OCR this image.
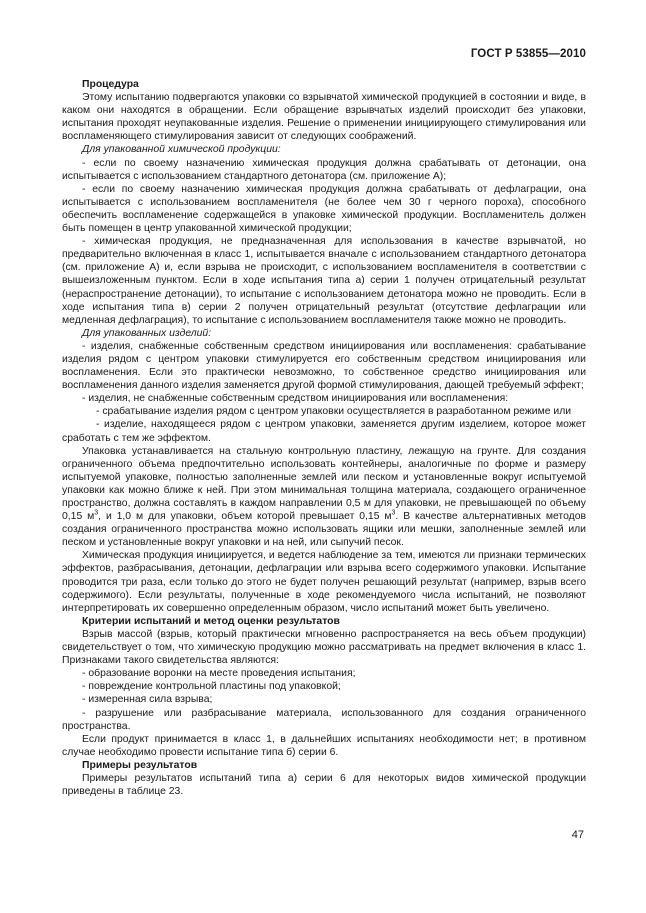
ГОСТ Р 53855—2010

Процедура

Этому испытанию подвергаются упаковки со взрывчатой химической продукцией в состоянии и виде, в каком они находятся в обращении. Если обращение взрывчатых изделий происходит без упаковки, испытания проходят неупакованные изделия. Решение о применении инициирующего стимулирования или воспламеняющего стимулирования зависит от следующих соображений.

Для упакованной химической продукции:

- если по своему назначению химическая продукция должна срабатывать от детонации, она испытывается с использованием стандартного детонатора (см. приложение А);

- если по своему назначению химическая продукция должна срабатывать от дефлаграции, она испытывается с использованием воспламенителя (не более чем 30 г черного пороха), способного обеспечить воспламенение содержащейся в упаковке химической продукции. Воспламенитель должен быть помещен в центр упакованной химической продукции;

- химическая продукция, не предназначенная для использования в качестве взрывчатой, но предварительно включенная в класс 1, испытывается вначале с использованием стандартного детонатора (см. приложение А) и, если взрыва не происходит, с использованием воспламенителя в соответствии с вышеизложенным пунктом. Если в ходе испытания типа а) серии 1 получен отрицательный результат (нераспространение детонации), то испытание с использованием детонатора можно не проводить. Если в ходе испытания типа в) серии 2 получен отрицательный результат (отсутствие дефлаграции или медленная дефлаграция), то испытание с использованием воспламенителя также можно не проводить.

Для упакованных изделий:

- изделия, снабженные собственным средством инициирования или воспламенения: срабатывание изделия рядом с центром упаковки стимулируется его собственным средством инициирования или воспламенения. Если это практически невозможно, то собственное средство инициирования или воспламенения данного изделия заменяется другой формой стимулирования, дающей требуемый эффект;

- изделия, не снабженные собственным средством инициирования или воспламенения:

- срабатывание изделия рядом с центром упаковки осуществляется в разработанном режиме или

- изделие, находящееся рядом с центром упаковки, заменяется другим изделием, которое может сработать с тем же эффектом.

Упаковка устанавливается на стальную контрольную пластину, лежащую на грунте. Для создания ограниченного объема предпочтительно использовать контейнеры, аналогичные по форме и размеру испытуемой упаковке, полностью заполненные землей или песком и установленные вокруг испытуемой упаковки как можно ближе к ней. При этом минимальная толщина материала, создающего ограниченное пространство, должна составлять в каждом направлении 0,5 м для упаковки, не превышающей по объему 0,15 $м^3$, и 1,0 м для упаковки, объем которой превышает 0,15 $м^3$. В качестве альтернативных методов создания ограниченного пространства можно использовать ящики или мешки, заполненные землей или песком и установленные вокруг упаковки и на ней, или сыпучий песок.

Химическая продукция инициируется, и ведется наблюдение за тем, имеются ли признаки термических эффектов, разбрасывания, детонации, дефлаграции или взрыва всего содержимого упаковки. Испытание проводится три раза, если только до этого не будет получен решающий результат (например, взрыв всего содержимого). Если результаты, полученные в ходе рекомендуемого числа испытаний, не позволяют интерпретировать их совершенно определенным образом, число испытаний может быть увеличено.

Критерии испытаний и метод оценки результатов

Взрыв массой (взрыв, который практически мгновенно распространяется на весь объем продукции) свидетельствует о том, что химическую продукцию можно рассматривать на предмет включения в класс 1. Признаками такого свидетельства являются:

- образование воронки на месте проведения испытания;

- повреждение контрольной пластины под упаковкой;

- измеренная сила взрыва;

- разрушение или разбрасывание материала, использованного для создания ограниченного пространства.

Если продукт принимается в класс 1, в дальнейших испытаниях необходимости нет; в противном случае необходимо провести испытание типа б) серии 6.

Примеры результатов

Примеры результатов испытаний типа а) серии 6 для некоторых видов химической продукции приведены в таблице 23.

47
